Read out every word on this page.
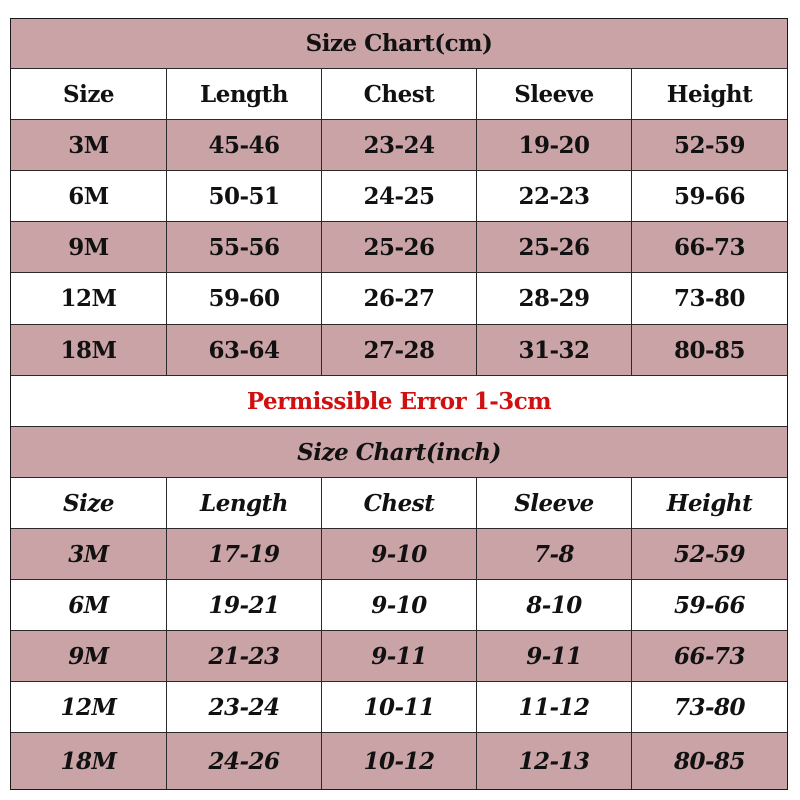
Size Chart(cm)
Size	Length	Chest	Sleeve	Height
3M	45-46	23-24	19-20	52-59
6M	50-51	24-25	22-23	59-66
9M	55-56	25-26	25-26	66-73
12M	59-60	26-27	28-29	73-80
18M	63-64	27-28	31-32	80-85
Permissible Error 1-3cm
Size Chart(inch)
Size	Length	Chest	Sleeve	Height
3M	17-19	9-10	7-8	52-59
6M	19-21	9-10	8-10	59-66
9M	21-23	9-11	9-11	66-73
12M	23-24	10-11	11-12	73-80
18M	24-26	10-12	12-13	80-85
